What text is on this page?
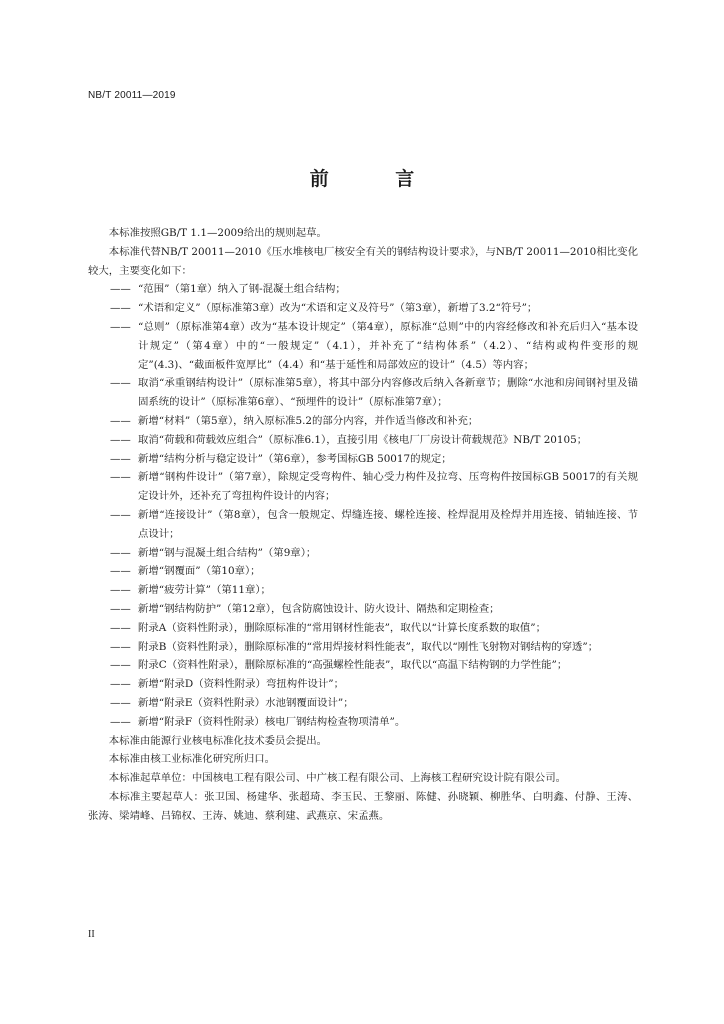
NB/T 20011—2019
前 言
本标准按照GB/T 1.1—2009给出的规则起草。
本标准代替NB/T 20011—2010《压水堆核电厂核安全有关的钢结构设计要求》，与NB/T 20011—2010相比变化较大，主要变化如下：
—— “范围”（第1章）纳入了钢-混凝土组合结构；
—— “术语和定义”（原标准第3章）改为“术语和定义及符号”（第3章），新增了3.2“符号”；
—— “总则”（原标准第4章）改为“基本设计规定”（第4章），原标准“总则”中的内容经修改和补充后归入“基本设计规定”（第4章）中的“一般规定”（4.1），并补充了“结构体系”（4.2）、“结构或构件变形的规定”(4.3)、“截面板件宽厚比”（4.4）和“基于延性和局部效应的设计”（4.5）等内容；
—— 取消“承重钢结构设计”（原标准第5章），将其中部分内容修改后纳入各新章节；删除“水池和房间钢衬里及锚固系统的设计”（原标准第6章）、“预埋件的设计”（原标准第7章）；
—— 新增“材料”（第5章），纳入原标准5.2的部分内容，并作适当修改和补充；
—— 取消“荷载和荷载效应组合”（原标准6.1），直接引用《核电厂厂房设计荷载规范》NB/T 20105；
—— 新增“结构分析与稳定设计”（第6章），参考国标GB 50017的规定；
—— 新增“钢构件设计”（第7章），除规定受弯构件、轴心受力构件及拉弯、压弯构件按国标GB 50017的有关规定设计外，还补充了弯扭构件设计的内容；
—— 新增“连接设计”（第8章），包含一般规定、焊缝连接、螺栓连接、栓焊混用及栓焊并用连接、销轴连接、节点设计；
—— 新增“钢与混凝土组合结构”（第9章）；
—— 新增“钢覆面”（第10章）；
—— 新增“疲劳计算”（第11章）；
—— 新增“钢结构防护”（第12章），包含防腐蚀设计、防火设计、隔热和定期检查；
—— 附录A（资料性附录），删除原标准的“常用钢材性能表”，取代以“计算长度系数的取值”；
—— 附录B（资料性附录），删除原标准的“常用焊接材料性能表”，取代以“刚性飞射物对钢结构的穿透”；
—— 附录C（资料性附录），删除原标准的“高强螺栓性能表”，取代以“高温下结构钢的力学性能”；
—— 新增“附录D（资料性附录）弯扭构件设计”；
—— 新增“附录E（资料性附录）水池钢覆面设计”；
—— 新增“附录F（资料性附录）核电厂钢结构检查物项清单”。
本标准由能源行业核电标准化技术委员会提出。
本标准由核工业标准化研究所归口。
本标准起草单位：中国核电工程有限公司、中广核工程有限公司、上海核工程研究设计院有限公司。
本标准主要起草人：张卫国、杨建华、张超琦、李玉民、王黎丽、陈健、孙晓颖、柳胜华、白明鑫、付静、王涛、张涛、梁靖峰、吕锦权、王涛、姚迪、蔡利建、武燕京、宋孟燕。
II
